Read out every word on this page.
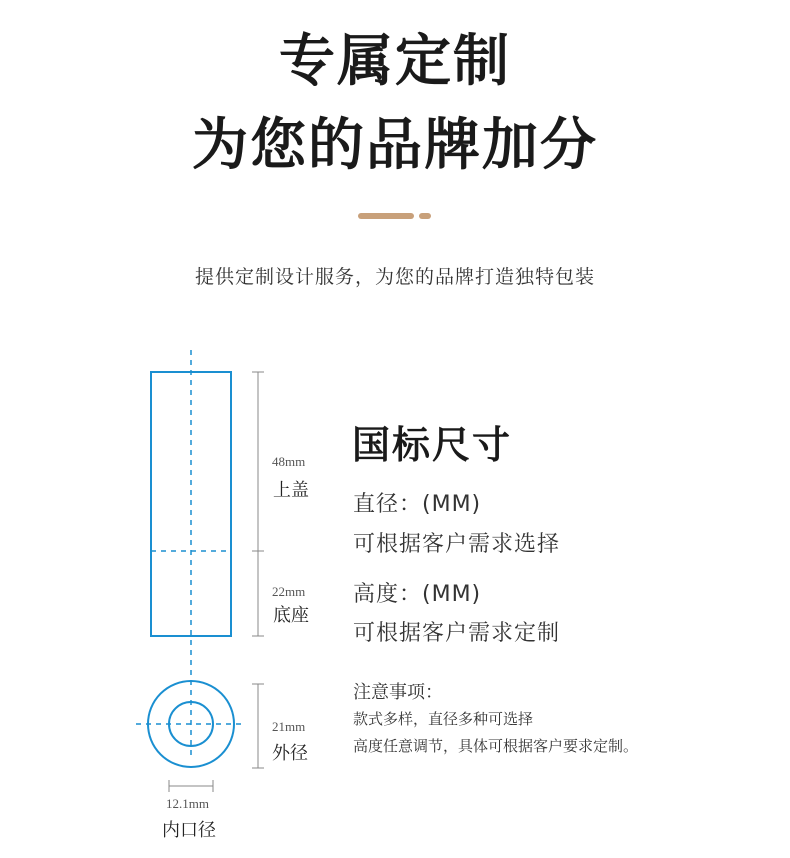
专属定制
为您的品牌加分
提供定制设计服务，为您的品牌打造独特包装
48mm
上盖
22mm
底座
21mm
外径
12.1mm
内口径
国标尺寸
直径：(MM)
可根据客户需求选择
高度：(MM)
可根据客户需求定制
注意事项：
款式多样，直径多种可选择
高度任意调节，具体可根据客户要求定制。
